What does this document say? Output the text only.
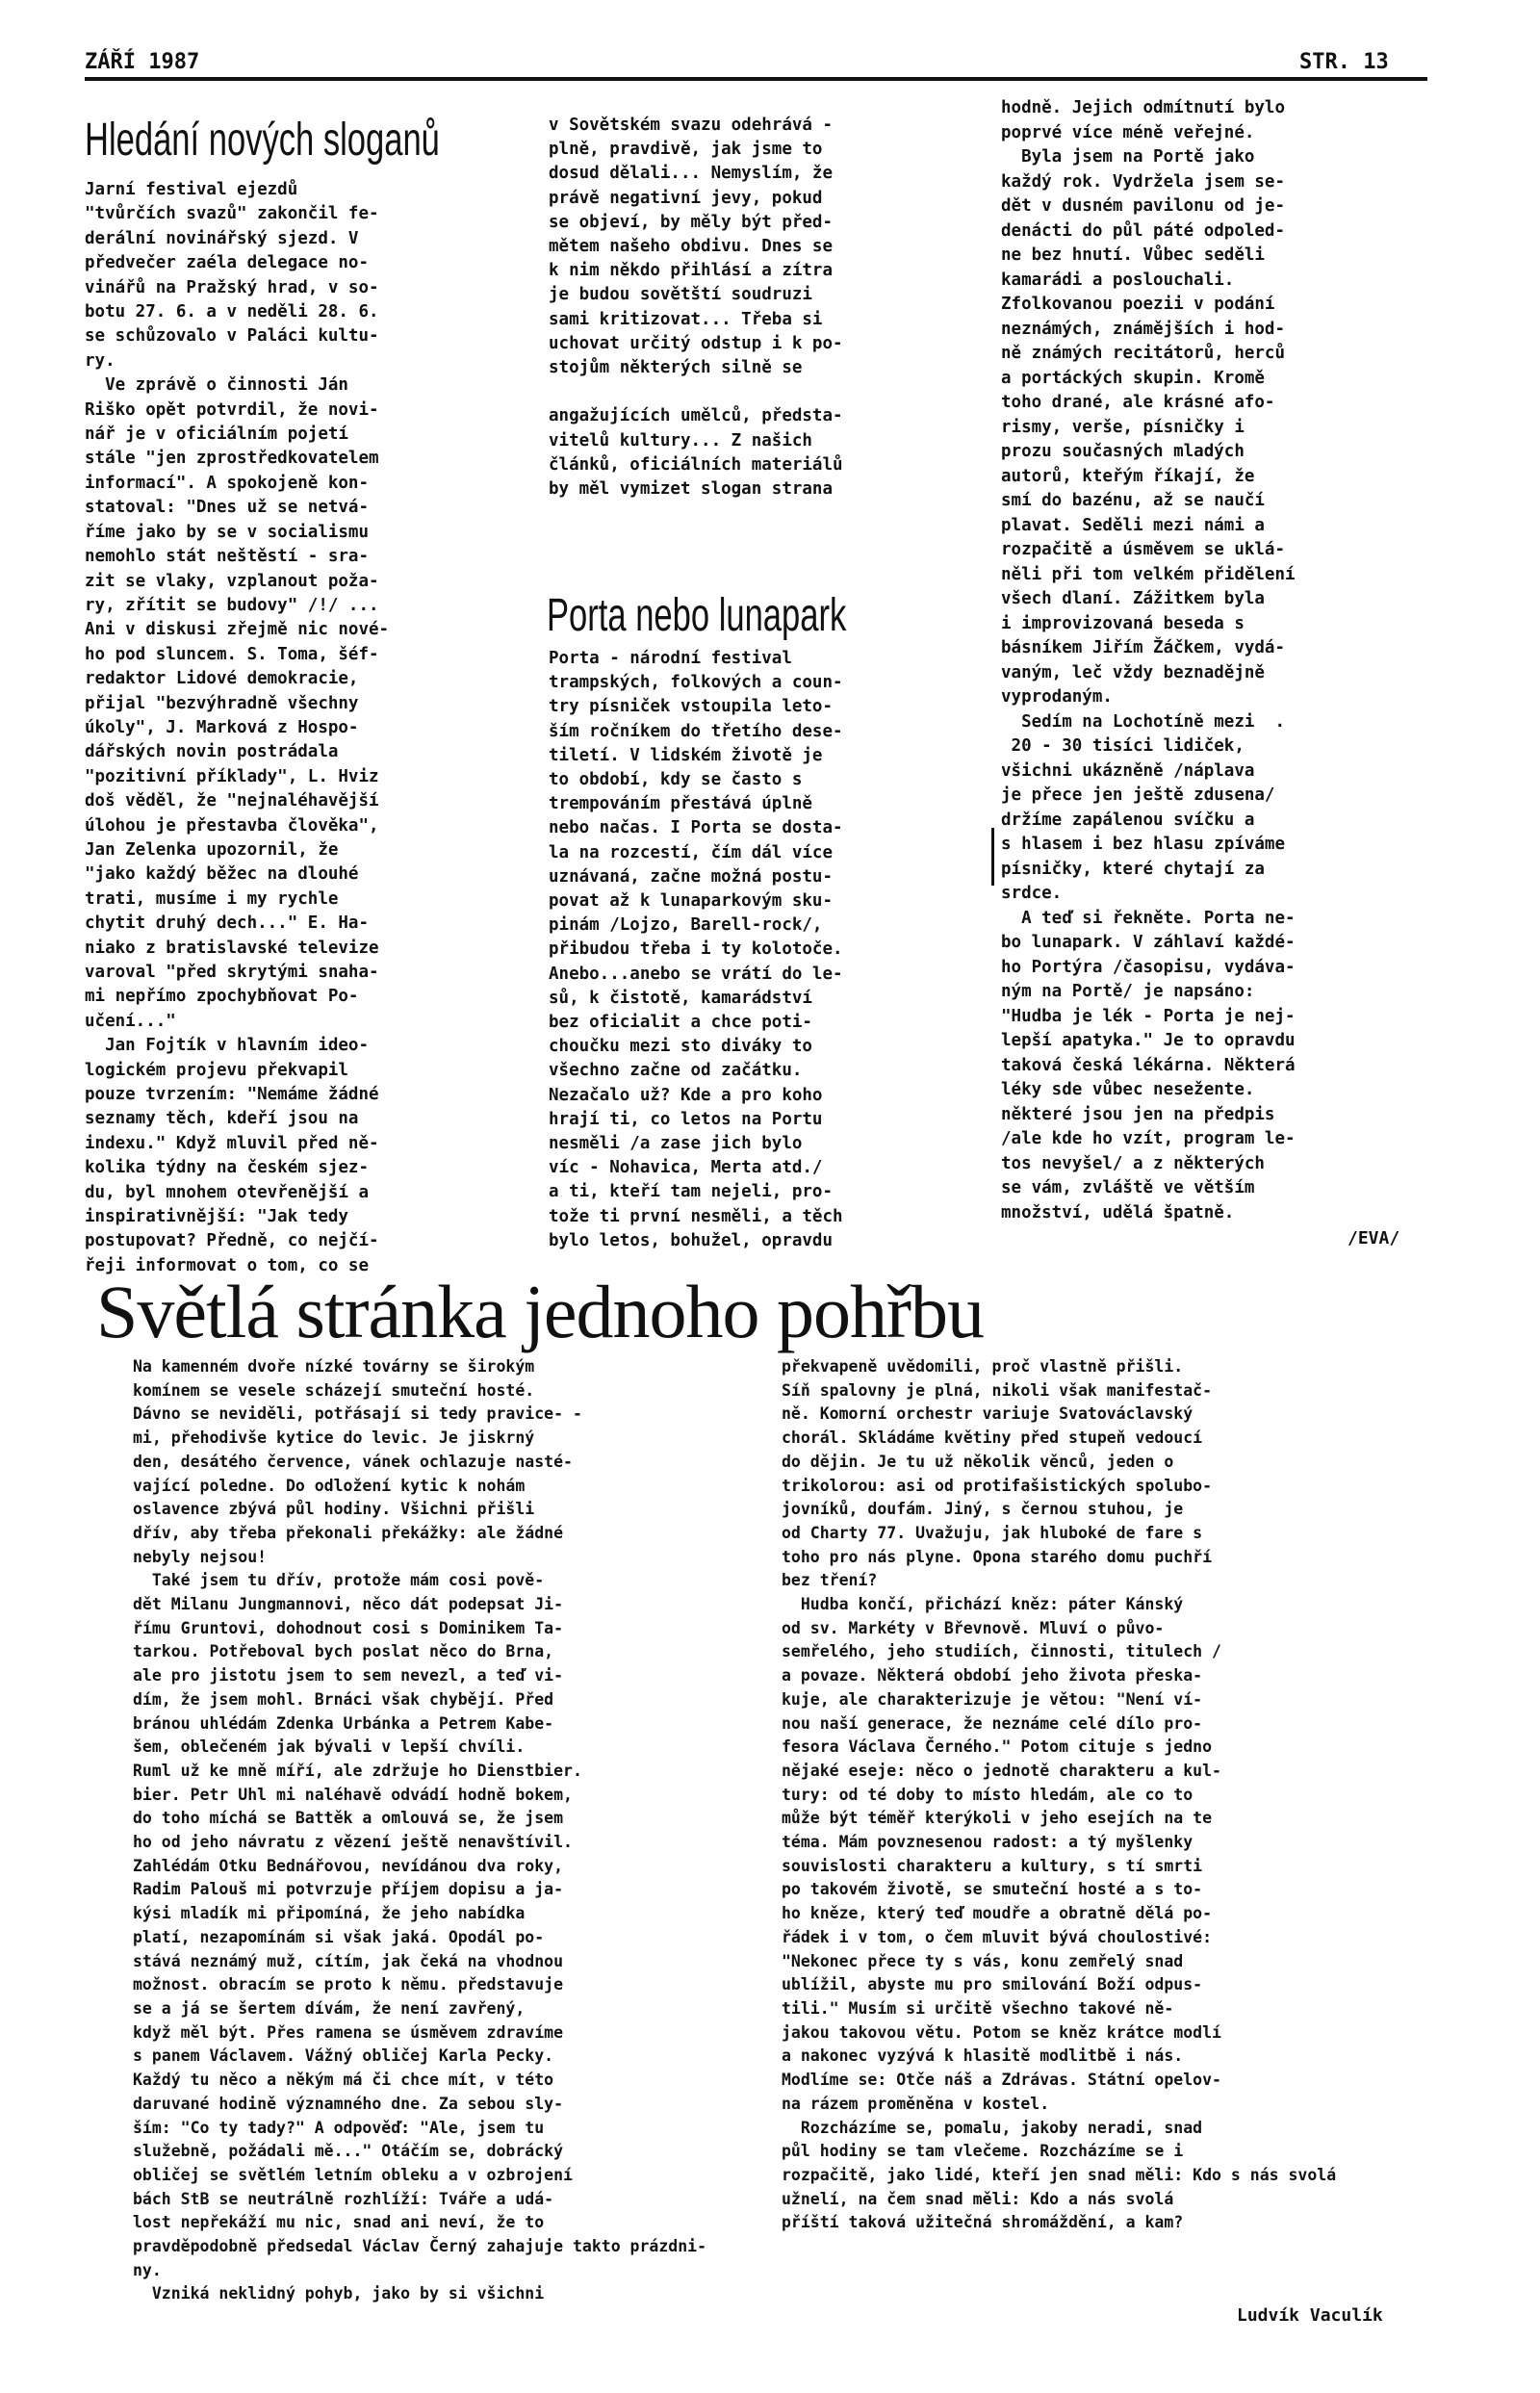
ZÁŘÍ 1987	STR. 13
Hledání nových sloganů
Jarní festival ejezdů
"tvůrčích svazů" zakončil fe-
derální novinářský sjezd. V
předvečer zaéla delegace no-
vinářů na Pražský hrad, v so-
botu 27. 6. a v neděli 28. 6.
se schůzovalo v Paláci kultu-
ry.
Ve zprávě o činnosti Ján
Riško opět potvrdil, že novi-
nář je v oficiálním pojetí
stále "jen zprostředkovatelem
informací". A spokojeně kon-
statoval: "Dnes už se netvá-
říme jako by se v socialismu
nemohlo stát neštěstí - sra-
zit se vlaky, vzplanout poža-
ry, zřítit se budovy" /!/ ...
Ani v diskusi zřejmě nic nové-
ho pod sluncem. S. Toma, šéf-
redaktor Lidové demokracie,
přijal "bezvýhradně všechny
úkoly", J. Marková z Hospo-
dářských novin postrádala
"pozitivní příklady", L. Hviz
doš věděl, že "nejnaléhavější
úlohou je přestavba člověka",
Jan Zelenka upozornil, že
"jako každý běžec na dlouhé
trati, musíme i my rychle
chytit druhý dech..." E. Ha-
niako z bratislavské televize
varoval "před skrytými snaha-
mi nepřímo zpochybňovat Po-
učení..."
Jan Fojtík v hlavním ideo-
logickém projevu překvapil
pouze tvrzením: "Nemáme žádné
seznamy těch, kdeří jsou na
indexu." Když mluvil před ně-
kolika týdny na českém sjez-
du, byl mnohem otevřenější a
inspirativnější: "Jak tedy
postupovat? Předně, co nejčí-
řeji informovat o tom, co se
v Sovětském svazu odehrává -
plně, pravdivě, jak jsme to
dosud dělali... Nemyslím, že
právě negativní jevy, pokud
se objeví, by měly být před-
mětem našeho obdivu. Dnes se
k nim někdo přihlásí a zítra
je budou sovětští soudruzi
sami kritizovat... Třeba si
uchovat určitý odstup i k po-
stojům některých silně se

angažujících umělců, předsta-
vitelů kultury... Z našich
článků, oficiálních materiálů
by měl vymizet slogan strana
Porta nebo lunapark
Porta - národní festival
trampských, folkových a coun-
try písniček vstoupila leto-
ším ročníkem do třetího dese-
tiletí. V lidském životě je
to období, kdy se často s
trempováním přestává úplně
nebo načas. I Porta se dosta-
la na rozcestí, čím dál více
uznávaná, začne možná postu-
povat až k lunaparkovým sku-
pinám /Lojzo, Barell-rock/,
přibudou třeba i ty kolotoče.
Anebo...anebo se vrátí do le-
sů, k čistotě, kamarádství
bez oficialit a chce poti-
choučku mezi sto diváky to
všechno začne od začátku.
Nezačalo už? Kde a pro koho
hrají ti, co letos na Portu
nesměli /a zase jich bylo
víc - Nohavica, Merta atd./
a ti, kteří tam nejeli, pro-
tože ti první nesměli, a těch
bylo letos, bohužel, opravdu
hodně. Jejich odmítnutí bylo
poprvé více méně veřejné.
Byla jsem na Portě jako
každý rok. Vydržela jsem se-
dět v dusném pavilonu od je-
denácti do půl páté odpoled-
ne bez hnutí. Vůbec seděli
kamarádi a poslouchali.
Zfolkovanou poezii v podání
neznámých, známějších i hod-
ně známých recitátorů, herců
a portáckých skupin. Kromě
toho drané, ale krásné afo-
rismy, verše, písničky i
prozu současných mladých
autorů, kteřým říkají, že
smí do bazénu, až se naučí
plavat. Seděli mezi námi a
rozpačitě a úsměvem se uklá-
něli při tom velkém přidělení
všech dlaní. Zážitkem byla
i improvizovaná beseda s
básníkem Jiřím Žáčkem, vydá-
vaným, leč vždy beznadějně
vyprodaným.
Sedím na Lochotíně mezi  .
20 - 30 tisíci lidiček,
všichni ukázněně /náplava
je přece jen ještě zdusena/
držíme zapálenou svíčku a
s hlasem i bez hlasu zpíváme
písničky, které chytají za
srdce.
A teď si řekněte. Porta ne-
bo lunapark. V záhlaví každé-
ho Portýra /časopisu, vydáva-
ným na Portě/ je napsáno:
"Hudba je lék - Porta je nej-
lepší apatyka." Je to opravdu
taková česká lékárna. Některá
léky sde vůbec nesežente.
některé jsou jen na předpis
/ale kde ho vzít, program le-
tos nevyšel/ a z některých
se vám, zvláště ve větším
množství, udělá špatně.
/EVA/
Světlá stránka jednoho pohřbu
Na kamenném dvoře nízké továrny se širokým
komínem se vesele scházejí smuteční hosté.
Dávno se neviděli, potřásají si tedy pravice- -
mi, přehodivše kytice do levic. Je jiskrný
den, desátého července, vánek ochlazuje nasté-
vající poledne. Do odložení kytic k nohám
oslavence zbývá půl hodiny. Všichni přišli
dřív, aby třeba překonali překážky: ale žádné
nebyly nejsou!
Také jsem tu dřív, protože mám cosi pově-
dět Milanu Jungmannovi, něco dát podepsat Ji-
římu Gruntovi, dohodnout cosi s Dominikem Ta-
tarkou. Potřeboval bych poslat něco do Brna,
ale pro jistotu jsem to sem nevezl, a teď vi-
dím, že jsem mohl. Brnáci však chybějí. Před
bránou uhlédám Zdenka Urbánka a Petrem Kabe-
šem, oblečeném jak bývali v lepší chvíli.
Ruml už ke mně míří, ale zdržuje ho Dienstbier.
bier. Petr Uhl mi naléhavě odvádí hodně bokem,
do toho míchá se Battěk a omlouvá se, že jsem
ho od jeho návratu z vězení ještě nenavštívil.
Zahlédám Otku Bednářovou, nevídánou dva roky,
Radim Palouš mi potvrzuje příjem dopisu a ja-
kýsi mladík mi připomíná, že jeho nabídka
platí, nezapomínám si však jaká. Opodál po-
stává neznámý muž, cítím, jak čeká na vhodnou
možnost. obracím se proto k němu. představuje
se a já se šertem dívám, že není zavřený,
když měl být. Přes ramena se úsměvem zdravíme
s panem Václavem. Vážný obličej Karla Pecky.
Každý tu něco a někým má či chce mít, v této
daruvané hodině významného dne. Za sebou sly-
ším: "Co ty tady?" A odpověď: "Ale, jsem tu
služebně, požádali mě..." Otáčím se, dobrácký
obličej se světlém letním obleku a v ozbrojení
bách StB se neutrálně rozhlíží: Tváře a udá-
lost nepřekáží mu nic, snad ani neví, že to
pravděpodobně předsedal Václav Černý zahajuje takto prázdni-
ny.
Vzniká neklidný pohyb, jako by si všichni
překvapeně uvědomili, proč vlastně přišli.
Síň spalovny je plná, nikoli však manifestač-
ně. Komorní orchestr variuje Svatováclavský
chorál. Skládáme květiny před stupeň vedoucí
do dějin. Je tu už několik věnců, jeden o
trikolorou: asi od protifašistických spolubo-
jovníků, doufám. Jiný, s černou stuhou, je
od Charty 77. Uvažuju, jak hluboké de fare s
toho pro nás plyne. Opona starého domu puchří
bez tření?
Hudba končí, přichází kněz: páter Kánský
od sv. Markéty v Břevnově. Mluví o půvo-
semřelého, jeho studiích, činnosti, titulech /
a povaze. Některá období jeho života přeska-
kuje, ale charakterizuje je větou: "Není ví-
nou naší generace, že neznáme celé dílo pro-
fesora Václava Černého." Potom cituje s jedno
nějaké eseje: něco o jednotě charakteru a kul-
tury: od té doby to místo hledám, ale co to
může být téměř kterýkoli v jeho esejích na te
téma. Mám povznesenou radost: a tý myšlenky
souvislosti charakteru a kultury, s tí smrti
po takovém životě, se smuteční hosté a s to-
ho kněze, který teď moudře a obratně dělá po-
řádek i v tom, o čem mluvit bývá choulostivé:
"Nekonec přece ty s vás, konu zemřelý snad
ublížil, abyste mu pro smilování Boží odpus-
tili." Musím si určitě všechno takové ně-
jakou takovou větu. Potom se kněz krátce modlí
a nakonec vyzývá k hlasitě modlitbě i nás.
Modlíme se: Otče náš a Zdrávas. Státní opelov-
na rázem proměněna v kostel.
Rozcházíme se, pomalu, jakoby neradi, snad
půl hodiny se tam vlečeme. Rozcházíme se i
rozpačitě, jako lidé, kteří jen snad měli: Kdo s nás svolá
užnelí, na čem snad měli: Kdo a nás svolá
příští taková užitečná shromáždění, a kam?
Ludvík Vaculík
